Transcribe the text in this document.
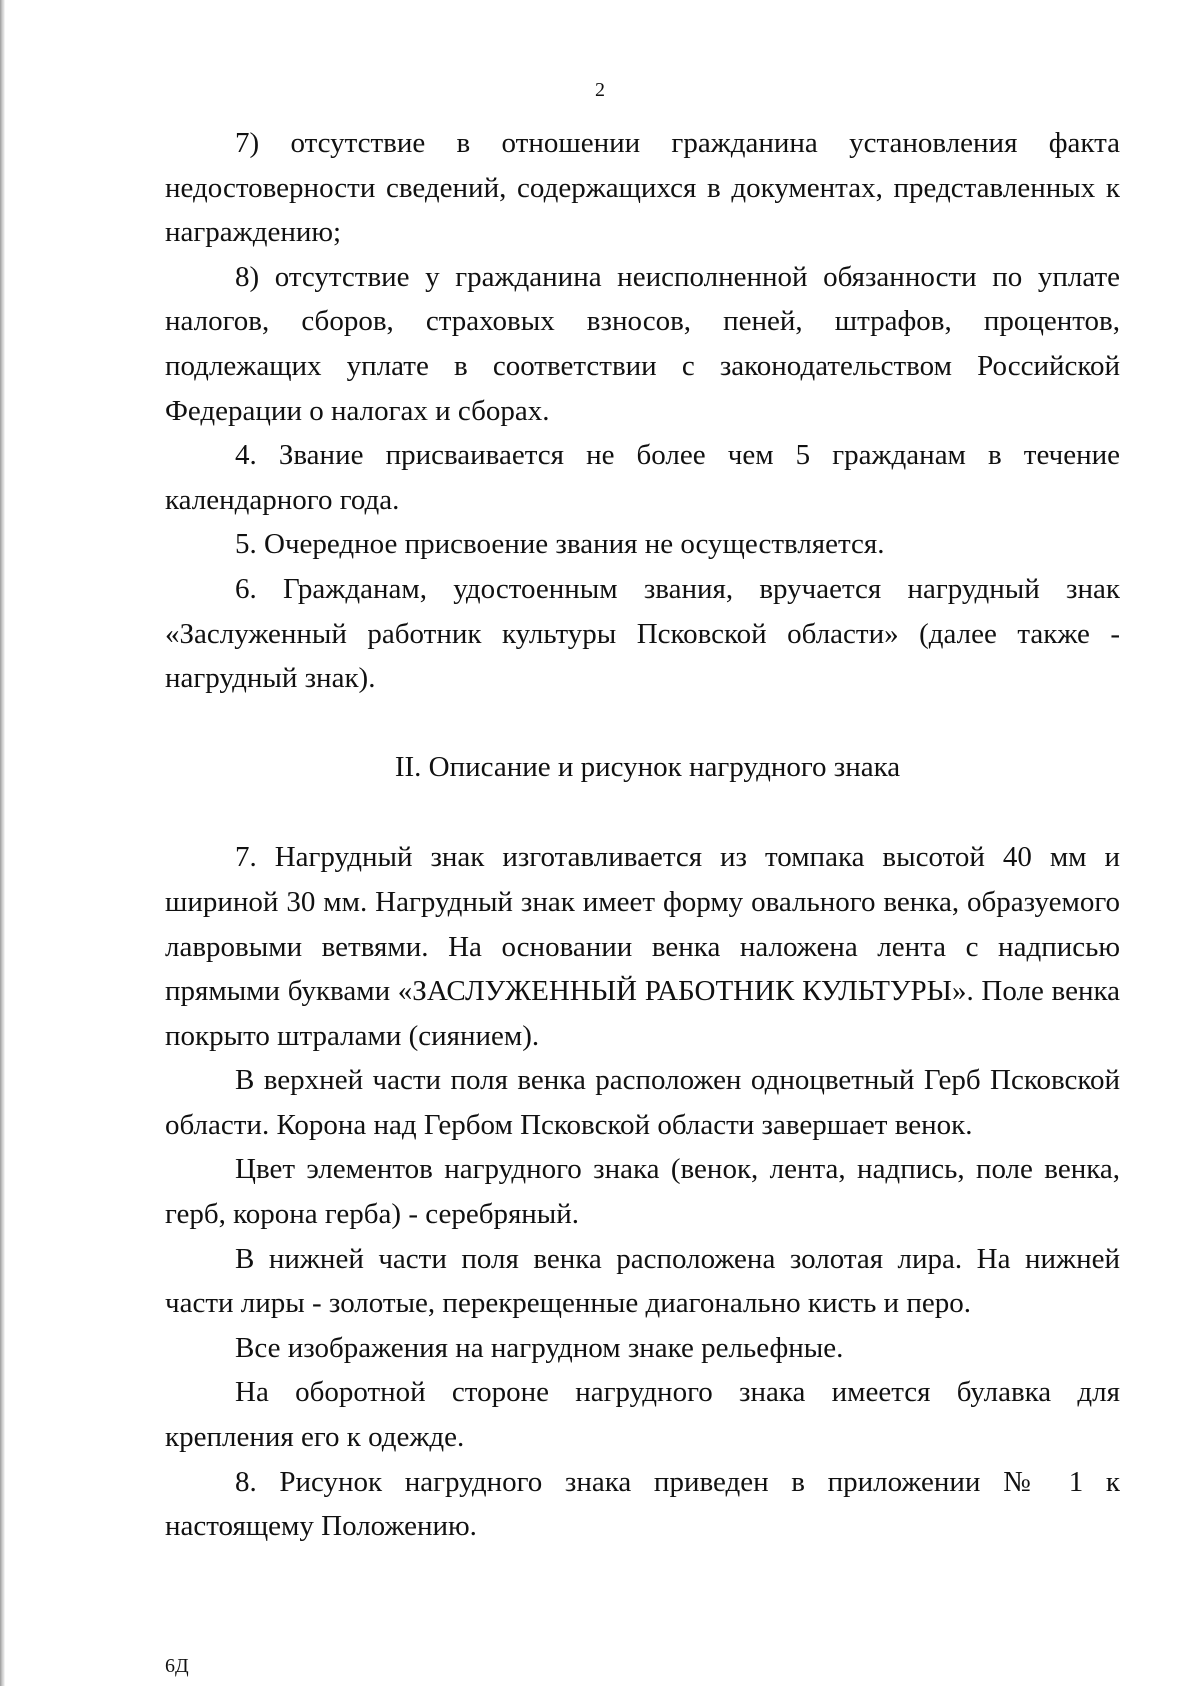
2

7) отсутствие в отношении гражданина установления факта недостоверности сведений, содержащихся в документах, представленных к награждению;

8) отсутствие у гражданина неисполненной обязанности по уплате налогов, сборов, страховых взносов, пеней, штрафов, процентов, подлежащих уплате в соответствии с законодательством Российской Федерации о налогах и сборах.

4. Звание присваивается не более чем 5 гражданам в течение календарного года.

5. Очередное присвоение звания не осуществляется.

6. Гражданам, удостоенным звания, вручается нагрудный знак «Заслуженный работник культуры Псковской области» (далее также - нагрудный знак).

II. Описание и рисунок нагрудного знака

7. Нагрудный знак изготавливается из томпака высотой 40 мм и шириной 30 мм. Нагрудный знак имеет форму овального венка, образуемого лавровыми ветвями. На основании венка наложена лента с надписью прямыми буквами «ЗАСЛУЖЕННЫЙ РАБОТНИК КУЛЬТУРЫ». Поле венка покрыто штралами (сиянием).

В верхней части поля венка расположен одноцветный Герб Псковской области. Корона над Гербом Псковской области завершает венок.

Цвет элементов нагрудного знака (венок, лента, надпись, поле венка, герб, корона герба) - серебряный.

В нижней части поля венка расположена золотая лира. На нижней части лиры - золотые, перекрещенные диагонально кисть и перо.

Все изображения на нагрудном знаке рельефные.

На оборотной стороне нагрудного знака имеется булавка для крепления его к одежде.

8. Рисунок нагрудного знака приведен в приложении № 1 к настоящему Положению.

6Д
